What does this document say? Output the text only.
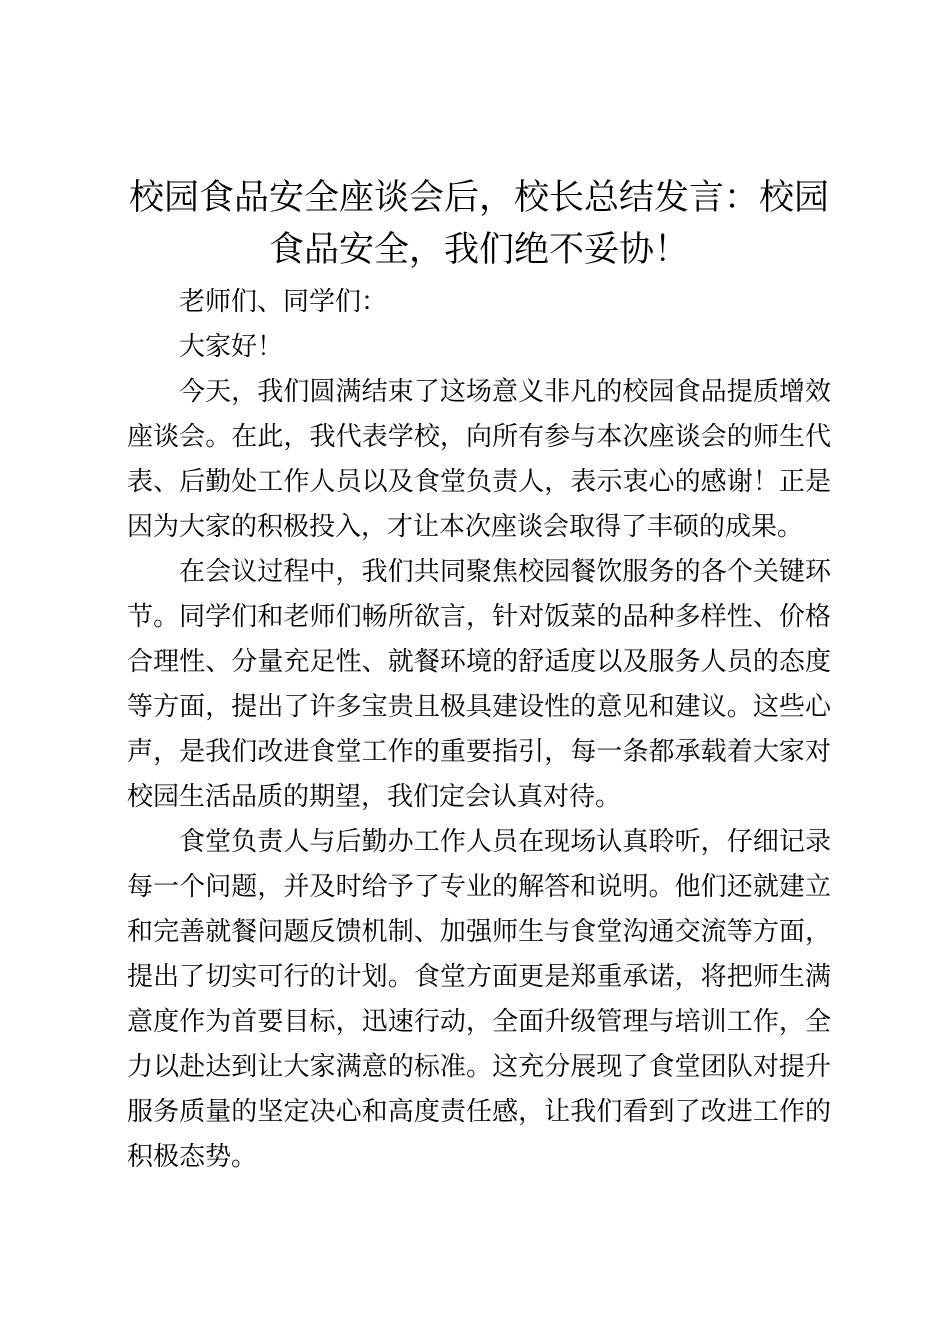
校园食品安全座谈会后，校长总结发言：校园食品安全，我们绝不妥协！

老师们、同学们：

大家好！

今天，我们圆满结束了这场意义非凡的校园食品提质增效座谈会。在此，我代表学校，向所有参与本次座谈会的师生代表、后勤处工作人员以及食堂负责人，表示衷心的感谢！正是因为大家的积极投入，才让本次座谈会取得了丰硕的成果。

在会议过程中，我们共同聚焦校园餐饮服务的各个关键环节。同学们和老师们畅所欲言，针对饭菜的品种多样性、价格合理性、分量充足性、就餐环境的舒适度以及服务人员的态度等方面，提出了许多宝贵且极具建设性的意见和建议。这些心声，是我们改进食堂工作的重要指引，每一条都承载着大家对校园生活品质的期望，我们定会认真对待。

食堂负责人与后勤办工作人员在现场认真聆听，仔细记录每一个问题，并及时给予了专业的解答和说明。他们还就建立和完善就餐问题反馈机制、加强师生与食堂沟通交流等方面，提出了切实可行的计划。食堂方面更是郑重承诺，将把师生满意度作为首要目标，迅速行动，全面升级管理与培训工作，全力以赴达到让大家满意的标准。这充分展现了食堂团队对提升服务质量的坚定决心和高度责任感，让我们看到了改进工作的积极态势。
